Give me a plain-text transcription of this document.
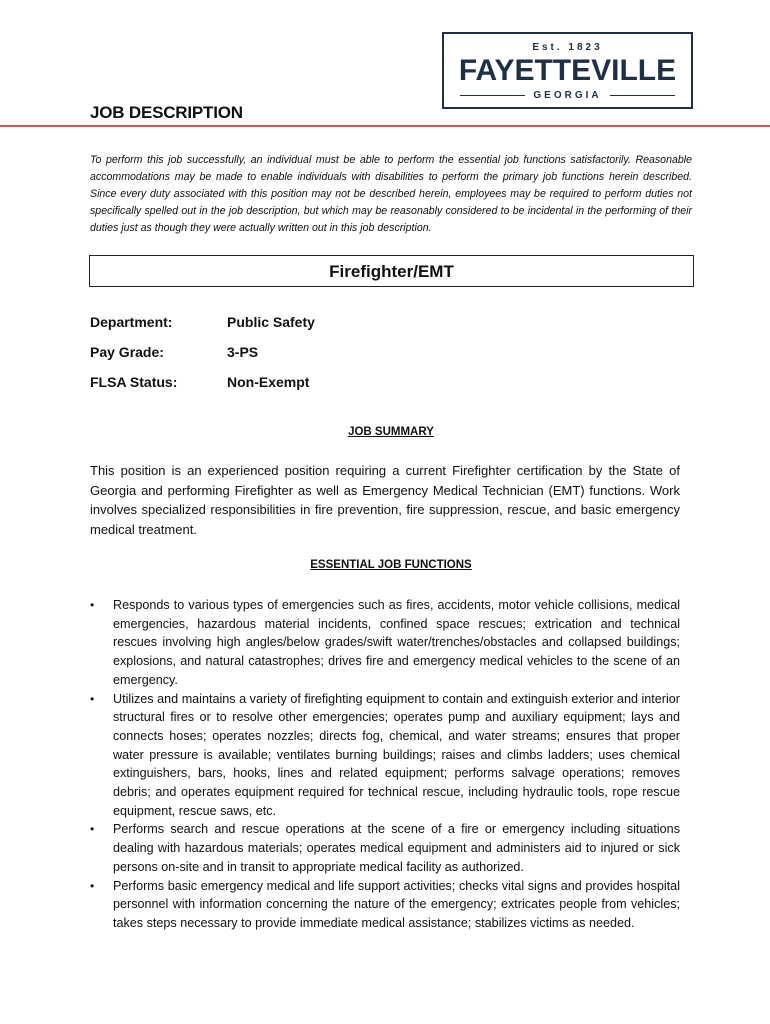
Est. 1823
FAYETTEVILLE
GEORGIA
JOB DESCRIPTION

To perform this job successfully, an individual must be able to perform the essential job functions satisfactorily. Reasonable accommodations may be made to enable individuals with disabilities to perform the primary job functions herein described. Since every duty associated with this position may not be described herein, employees may be required to perform duties not specifically spelled out in the job description, but which may be reasonably considered to be incidental in the performing of their duties just as though they were actually written out in this job description.

Firefighter/EMT
Department:	Public Safety
Pay Grade:	3-PS
FLSA Status:	Non-Exempt
JOB SUMMARY

This position is an experienced position requiring a current Firefighter certification by the State of Georgia and performing Firefighter as well as Emergency Medical Technician (EMT) functions. Work involves specialized responsibilities in fire prevention, fire suppression, rescue, and basic emergency medical treatment.

ESSENTIAL JOB FUNCTIONS
• Responds to various types of emergencies such as fires, accidents, motor vehicle collisions, medical emergencies, hazardous material incidents, confined space rescues; extrication and technical rescues involving high angles/below grades/swift water/trenches/obstacles and collapsed buildings; explosions, and natural catastrophes; drives fire and emergency medical vehicles to the scene of an emergency.
• Utilizes and maintains a variety of firefighting equipment to contain and extinguish exterior and interior structural fires or to resolve other emergencies; operates pump and auxiliary equipment; lays and connects hoses; operates nozzles; directs fog, chemical, and water streams; ensures that proper water pressure is available; ventilates burning buildings; raises and climbs ladders; uses chemical extinguishers, bars, hooks, lines and related equipment; performs salvage operations; removes debris; and operates equipment required for technical rescue, including hydraulic tools, rope rescue equipment, rescue saws, etc.
• Performs search and rescue operations at the scene of a fire or emergency including situations dealing with hazardous materials; operates medical equipment and administers aid to injured or sick persons on-site and in transit to appropriate medical facility as authorized.
• Performs basic emergency medical and life support activities; checks vital signs and provides hospital personnel with information concerning the nature of the emergency; extricates people from vehicles; takes steps necessary to provide immediate medical assistance; stabilizes victims as needed.
